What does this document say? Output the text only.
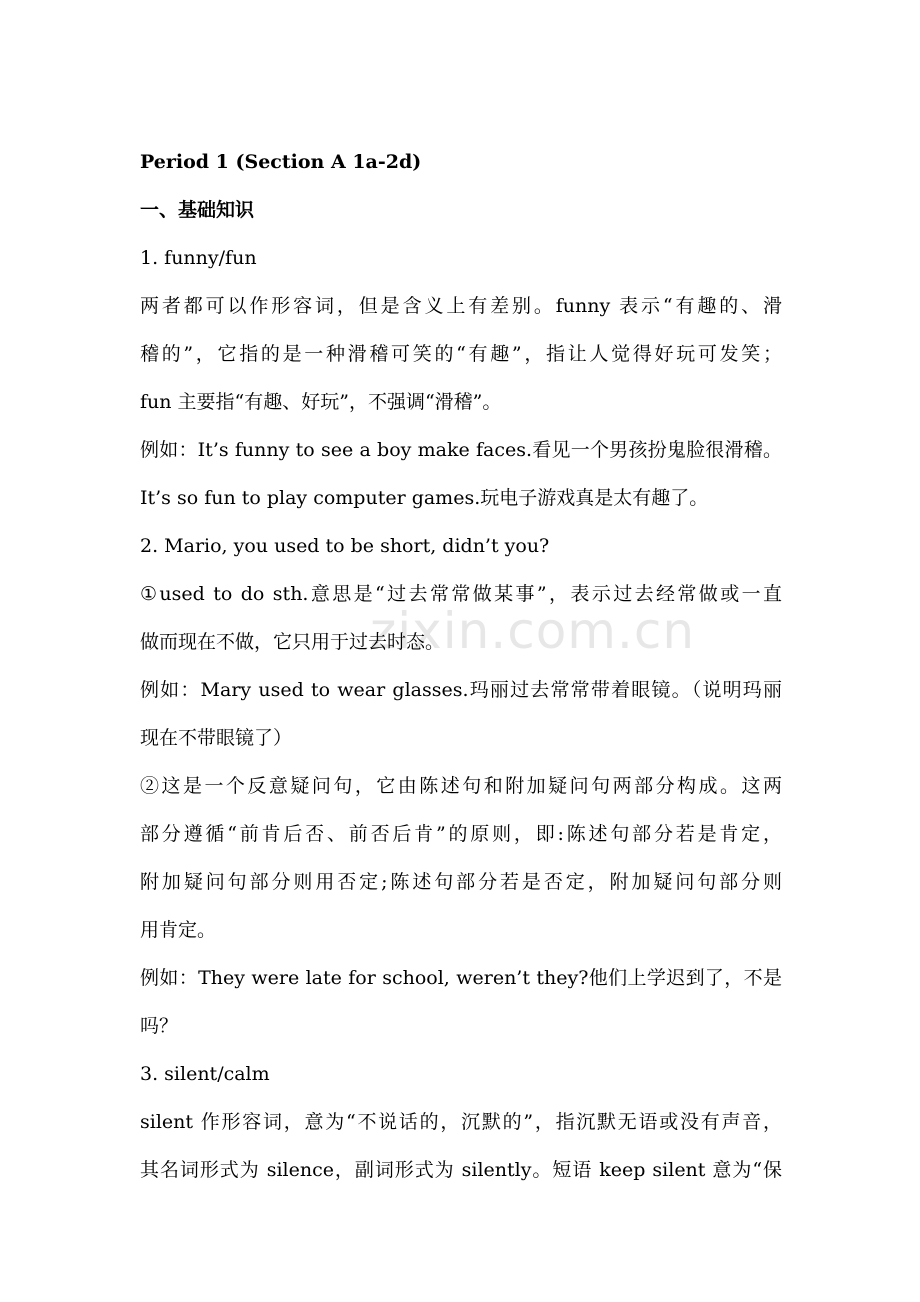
zixin.com.cn
Period 1 (Section A 1a-2d)
一、基础知识
1. funny/fun
两者都可以作形容词，但是含义上有差别。funny 表示“有趣的、滑
稽的”，它指的是一种滑稽可笑的“有趣”，指让人觉得好玩可发笑；
fun 主要指“有趣、好玩”，不强调“滑稽”。
例如：It’s funny to see a boy make faces.看见一个男孩扮鬼脸很滑稽。
It’s so fun to play computer games.玩电子游戏真是太有趣了。
2. Mario, you used to be short, didn’t you?
①used to do sth.意思是“过去常常做某事”，表示过去经常做或一直
做而现在不做，它只用于过去时态。
例如：Mary used to wear glasses.玛丽过去常常带着眼镜。（说明玛丽
现在不带眼镜了）
②这是一个反意疑问句，它由陈述句和附加疑问句两部分构成。这两
部分遵循“前肯后否、前否后肯”的原则，即:陈述句部分若是肯定，
附加疑问句部分则用否定;陈述句部分若是否定，附加疑问句部分则
用肯定。
例如：They were late for school, weren’t they?他们上学迟到了，不是
吗？
3. silent/calm
silent 作形容词，意为“不说话的，沉默的”，指沉默无语或没有声音，
其名词形式为 silence，副词形式为 silently。短语 keep silent 意为“保
